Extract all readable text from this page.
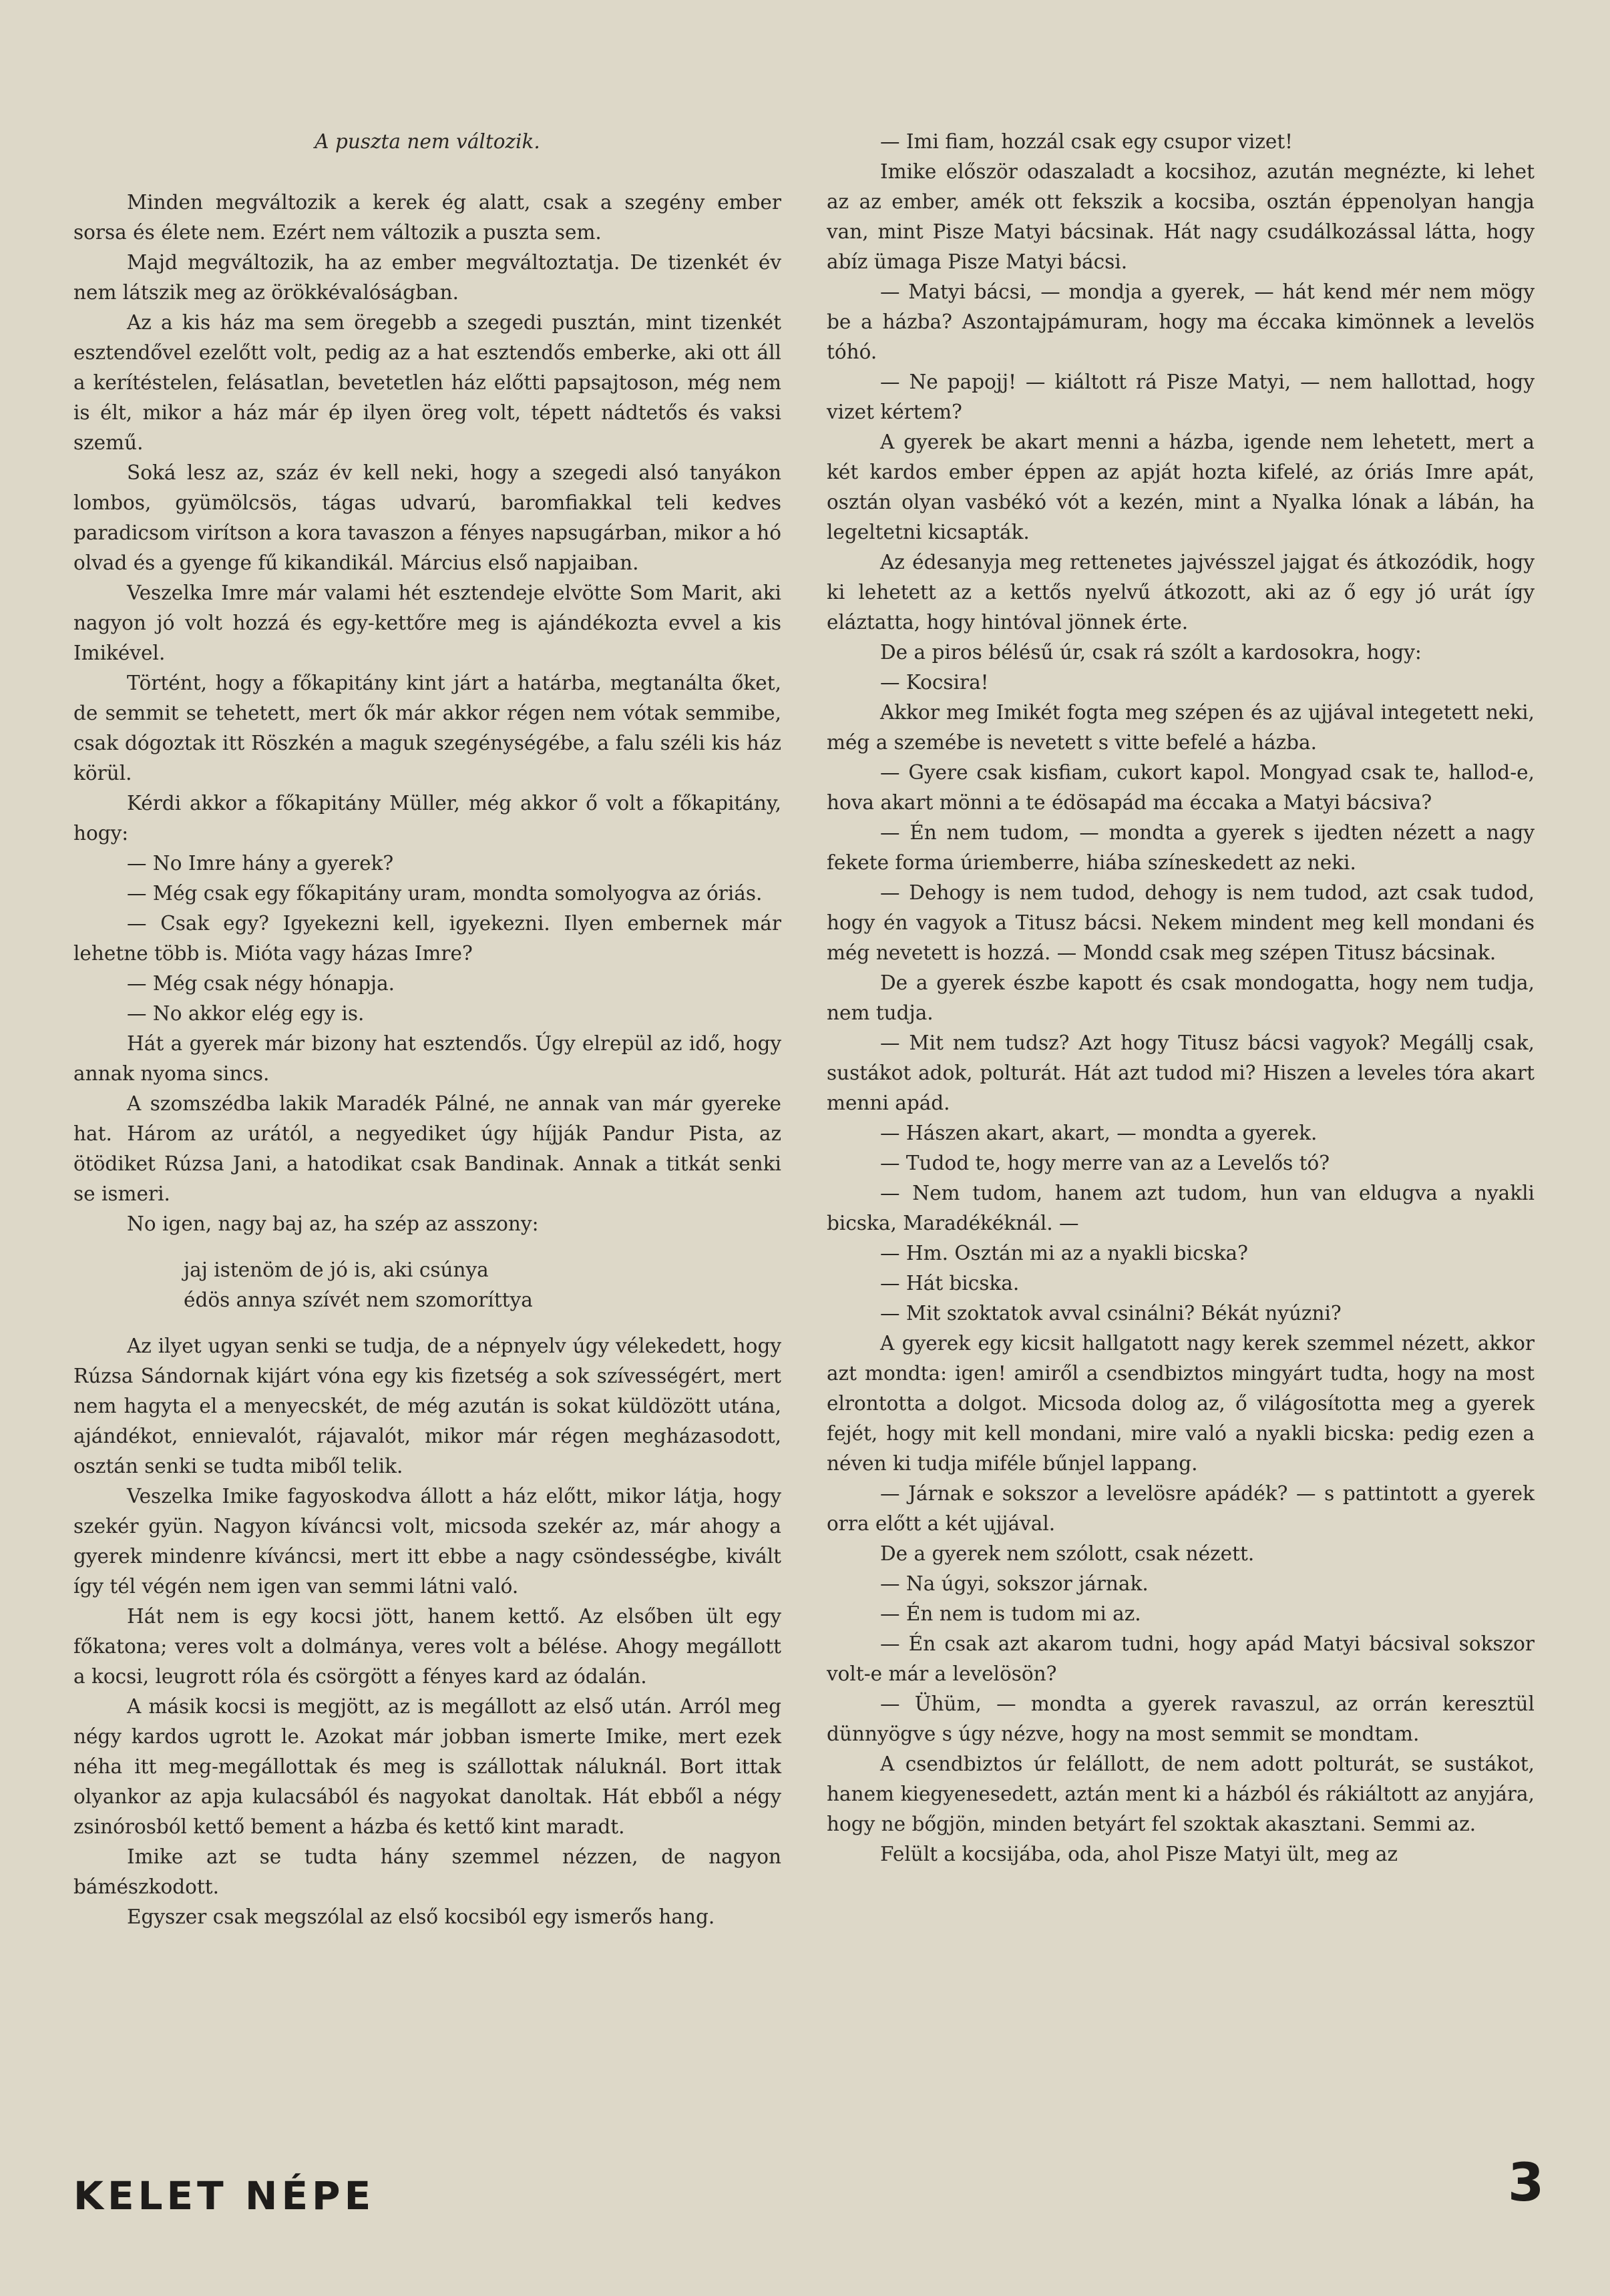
A puszta nem változik.

Minden megváltozik a kerek ég alatt, csak a szegény ember sorsa és élete nem. Ezért nem változik a puszta sem.

Majd megváltozik, ha az ember megváltoztatja. De tizenkét év nem látszik meg az örökkévalóságban.

Az a kis ház ma sem öregebb a szegedi pusztán, mint tizenkét esztendővel ezelőtt volt, pedig az a hat esztendős emberke, aki ott áll a kerítéstelen, felásatlan, bevetetlen ház előtti papsajtoson, még nem is élt, mikor a ház már ép ilyen öreg volt, tépett nádtetős és vaksi szemű.

Soká lesz az, száz év kell neki, hogy a szegedi alsó tanyákon lombos, gyümölcsös, tágas udvarú, baromfiakkal teli kedves paradicsom virítson a kora tavaszon a fényes napsugárban, mikor a hó olvad és a gyenge fű kikandikál. Március első napjaiban.

Veszelka Imre már valami hét esztendeje elvötte Som Marit, aki nagyon jó volt hozzá és egy-kettőre meg is ajándékozta evvel a kis Imikével.

Történt, hogy a főkapitány kint járt a határba, megtanálta őket, de semmit se tehetett, mert ők már akkor régen nem vótak semmibe, csak dógoztak itt Röszkén a maguk szegénységébe, a falu széli kis ház körül.

Kérdi akkor a főkapitány Müller, még akkor ő volt a főkapitány, hogy:

— No Imre hány a gyerek?

— Még csak egy főkapitány uram, mondta somolyogva az óriás.

— Csak egy? Igyekezni kell, igyekezni. Ilyen embernek már lehetne több is. Mióta vagy házas Imre?

— Még csak négy hónapja.

— No akkor elég egy is.

Hát a gyerek már bizony hat esztendős. Úgy elrepül az idő, hogy annak nyoma sincs.

A szomszédba lakik Maradék Pálné, ne annak van már gyereke hat. Három az urától, a negyediket úgy híjják Pandur Pista, az ötödiket Rúzsa Jani, a hatodikat csak Bandinak. Annak a titkát senki se ismeri.

No igen, nagy baj az, ha szép az asszony:

jaj istenöm de jó is, aki csúnya

édös annya szívét nem szomoríttya

Az ilyet ugyan senki se tudja, de a népnyelv úgy vélekedett, hogy Rúzsa Sándornak kijárt vóna egy kis fizetség a sok szívességért, mert nem hagyta el a menyecskét, de még azután is sokat küldözött utána, ajándékot, ennievalót, rájavalót, mikor már régen megházasodott, osztán senki se tudta miből telik.

Veszelka Imike fagyoskodva állott a ház előtt, mikor látja, hogy szekér gyün. Nagyon kíváncsi volt, micsoda szekér az, már ahogy a gyerek mindenre kíváncsi, mert itt ebbe a nagy csöndességbe, kivált így tél végén nem igen van semmi látni való.

Hát nem is egy kocsi jött, hanem kettő. Az elsőben ült egy főkatona; veres volt a dolmánya, veres volt a bélése. Ahogy megállott a kocsi, leugrott róla és csörgött a fényes kard az ódalán.

A másik kocsi is megjött, az is megállott az első után. Arról meg négy kardos ugrott le. Azokat már jobban ismerte Imike, mert ezek néha itt meg-megállottak és meg is szállottak náluknál. Bort ittak olyankor az apja kulacsából és nagyokat danoltak. Hát ebből a négy zsinórosból kettő bement a házba és kettő kint maradt.

Imike azt se tudta hány szemmel nézzen, de nagyon bámészkodott.

Egyszer csak megszólal az első kocsiból egy ismerős hang.

— Imi fiam, hozzál csak egy csupor vizet!

Imike először odaszaladt a kocsihoz, azután megnézte, ki lehet az az ember, amék ott fekszik a kocsiba, osztán éppenolyan hangja van, mint Pisze Matyi bácsinak. Hát nagy csudálkozással látta, hogy abíz ümaga Pisze Matyi bácsi.

— Matyi bácsi, — mondja a gyerek, — hát kend mér nem mögy be a házba? Aszontajpámuram, hogy ma éccaka kimönnek a levelös tóhó.

— Ne papojj! — kiáltott rá Pisze Matyi, — nem hallottad, hogy vizet kértem?

A gyerek be akart menni a házba, igende nem lehetett, mert a két kardos ember éppen az apját hozta kifelé, az óriás Imre apát, osztán olyan vasbékó vót a kezén, mint a Nyalka lónak a lábán, ha legeltetni kicsapták.

Az édesanyja meg rettenetes jajvésszel jajgat és átkozódik, hogy ki lehetett az a kettős nyelvű átkozott, aki az ő egy jó urát így eláztatta, hogy hintóval jönnek érte.

De a piros bélésű úr, csak rá szólt a kardosokra, hogy:

— Kocsira!

Akkor meg Imikét fogta meg szépen és az ujjával integetett neki, még a szemébe is nevetett s vitte befelé a házba.

— Gyere csak kisfiam, cukort kapol. Mongyad csak te, hallod-e, hova akart mönni a te édösapád ma éccaka a Matyi bácsiva?

— Én nem tudom, — mondta a gyerek s ijedten nézett a nagy fekete forma úriemberre, hiába színeskedett az neki.

— Dehogy is nem tudod, dehogy is nem tudod, azt csak tudod, hogy én vagyok a Titusz bácsi. Nekem mindent meg kell mondani és még nevetett is hozzá. — Mondd csak meg szépen Titusz bácsinak.

De a gyerek észbe kapott és csak mondogatta, hogy nem tudja, nem tudja.

— Mit nem tudsz? Azt hogy Titusz bácsi vagyok? Megállj csak, sustákot adok, polturát. Hát azt tudod mi? Hiszen a leveles tóra akart menni apád.

— Hászen akart, akart, — mondta a gyerek.

— Tudod te, hogy merre van az a Levelős tó?

— Nem tudom, hanem azt tudom, hun van eldugva a nyakli bicska, Maradékéknál. —

— Hm. Osztán mi az a nyakli bicska?

— Hát bicska.

— Mit szoktatok avval csinálni? Békát nyúzni?

A gyerek egy kicsit hallgatott nagy kerek szemmel nézett, akkor azt mondta: igen! amiről a csendbiztos mingyárt tudta, hogy na most elrontotta a dolgot. Micsoda dolog az, ő világosította meg a gyerek fejét, hogy mit kell mondani, mire való a nyakli bicska: pedig ezen a néven ki tudja miféle bűnjel lappang.

— Járnak e sokszor a levelösre apádék? — s pattintott a gyerek orra előtt a két ujjával.

De a gyerek nem szólott, csak nézett.

— Na úgyi, sokszor járnak.

— Én nem is tudom mi az.

— Én csak azt akarom tudni, hogy apád Matyi bácsival sokszor volt-e már a levelösön?

— Ühüm, — mondta a gyerek ravaszul, az orrán keresztül dünnyögve s úgy nézve, hogy na most semmit se mondtam.

A csendbiztos úr felállott, de nem adott polturát, se sustákot, hanem kiegyenesedett, aztán ment ki a házból és rákiáltott az anyjára, hogy ne bőgjön, minden betyárt fel szoktak akasztani. Semmi az.

Felült a kocsijába, oda, ahol Pisze Matyi ült, meg az

KELET NÉPE	3
